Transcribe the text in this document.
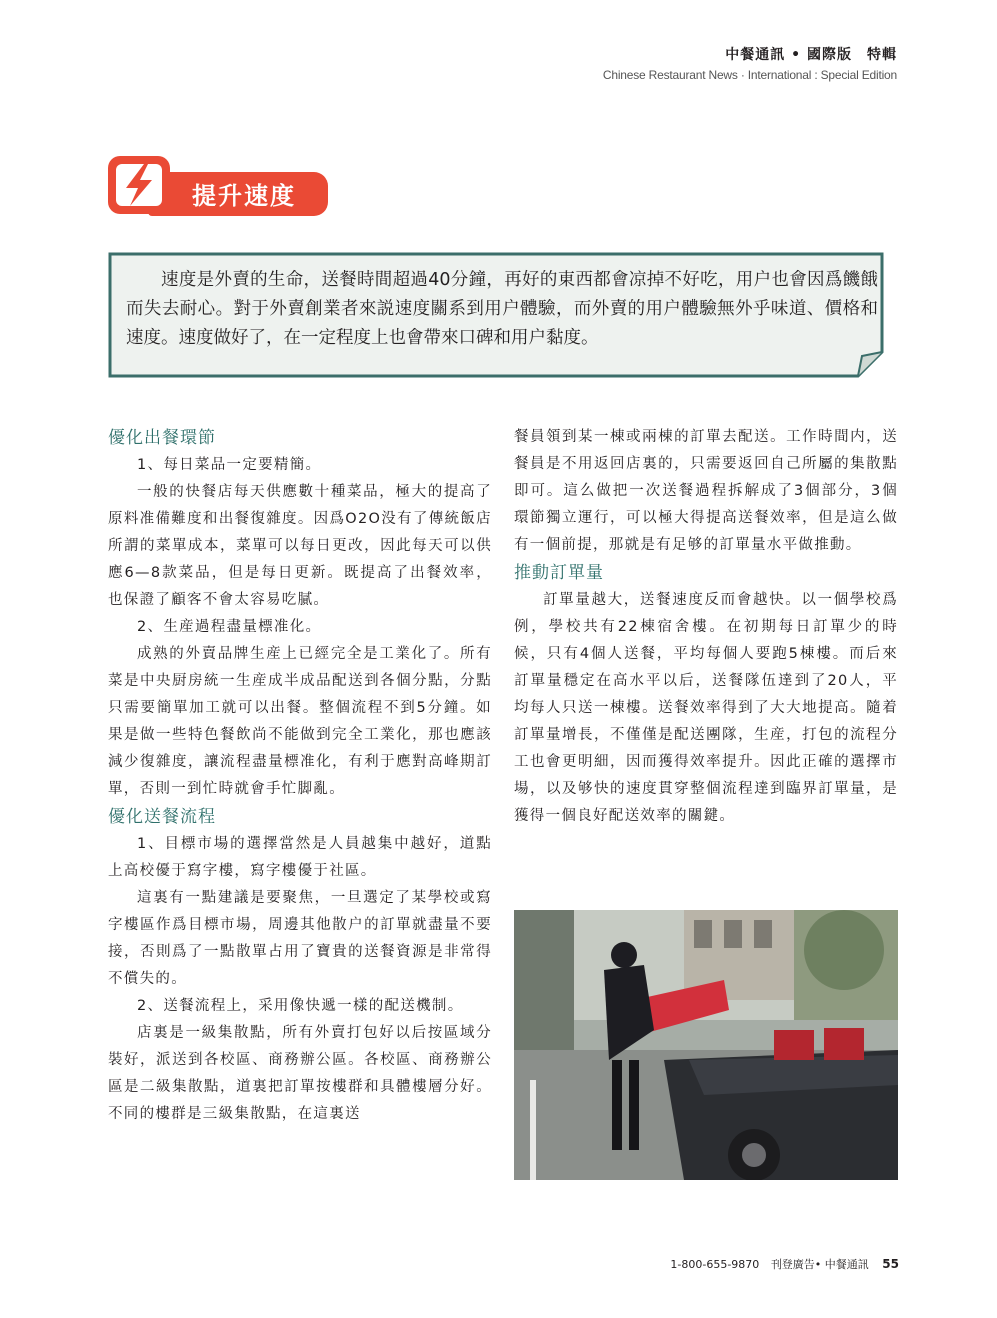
中餐通訊 • 國際版　特輯
Chinese Restaurant News · International : Special Edition
提升速度

速度是外賣的生命，送餐時間超過40分鐘，再好的東西都會凉掉不好吃，用户也會因爲饑餓而失去耐心。對于外賣創業者來説速度關系到用户體驗，而外賣的用户體驗無外乎味道、價格和速度。速度做好了，在一定程度上也會帶來口碑和用户黏度。

優化出餐環節

1、每日菜品一定要精簡。

一般的快餐店每天供應數十種菜品，極大的提高了原料准備難度和出餐復雜度。因爲O2O没有了傳統飯店所謂的菜單成本，菜單可以每日更改，因此每天可以供應6—8款菜品，但是每日更新。既提高了出餐效率，也保證了顧客不會太容易吃膩。

2、生産過程盡量標准化。

成熟的外賣品牌生産上已經完全是工業化了。所有菜是中央厨房統一生産成半成品配送到各個分點，分點只需要簡單加工就可以出餐。整個流程不到5分鐘。如果是做一些特色餐飲尚不能做到完全工業化，那也應該減少復雜度，讓流程盡量標准化，有利于應對高峰期訂單，否則一到忙時就會手忙脚亂。

優化送餐流程

1、目標市場的選擇當然是人員越集中越好，道點上高校優于寫字樓，寫字樓優于社區。

這裏有一點建議是要聚焦，一旦選定了某學校或寫字樓區作爲目標市場，周邊其他散户的訂單就盡量不要接，否則爲了一點散單占用了寶貴的送餐資源是非常得不償失的。

2、送餐流程上，采用像快遞一樣的配送機制。

店裏是一級集散點，所有外賣打包好以后按區域分裝好，派送到各校區、商務辦公區。各校區、商務辦公區是二級集散點，道裏把訂單按樓群和具體樓層分好。不同的樓群是三級集散點，在這裏送

餐員領到某一棟或兩棟的訂單去配送。工作時間内，送餐員是不用返回店裏的，只需要返回自己所屬的集散點即可。這么做把一次送餐過程拆解成了3個部分，3個環節獨立運行，可以極大得提高送餐效率，但是這么做有一個前提，那就是有足够的訂單量水平做推動。

推動訂單量

訂單量越大，送餐速度反而會越快。以一個學校爲例，學校共有22棟宿舍樓。在初期每日訂單少的時候，只有4個人送餐，平均每個人要跑5棟樓。而后來訂單量穩定在高水平以后，送餐隊伍達到了20人，平均每人只送一棟樓。送餐效率得到了大大地提高。隨着訂單量增長，不僅僅是配送團隊，生産，打包的流程分工也會更明細，因而獲得效率提升。因此正確的選擇市場，以及够快的速度貫穿整個流程達到臨界訂單量，是獲得一個良好配送效率的關鍵。

1-800-655-9870 刊登廣告• 中餐通訊 55
